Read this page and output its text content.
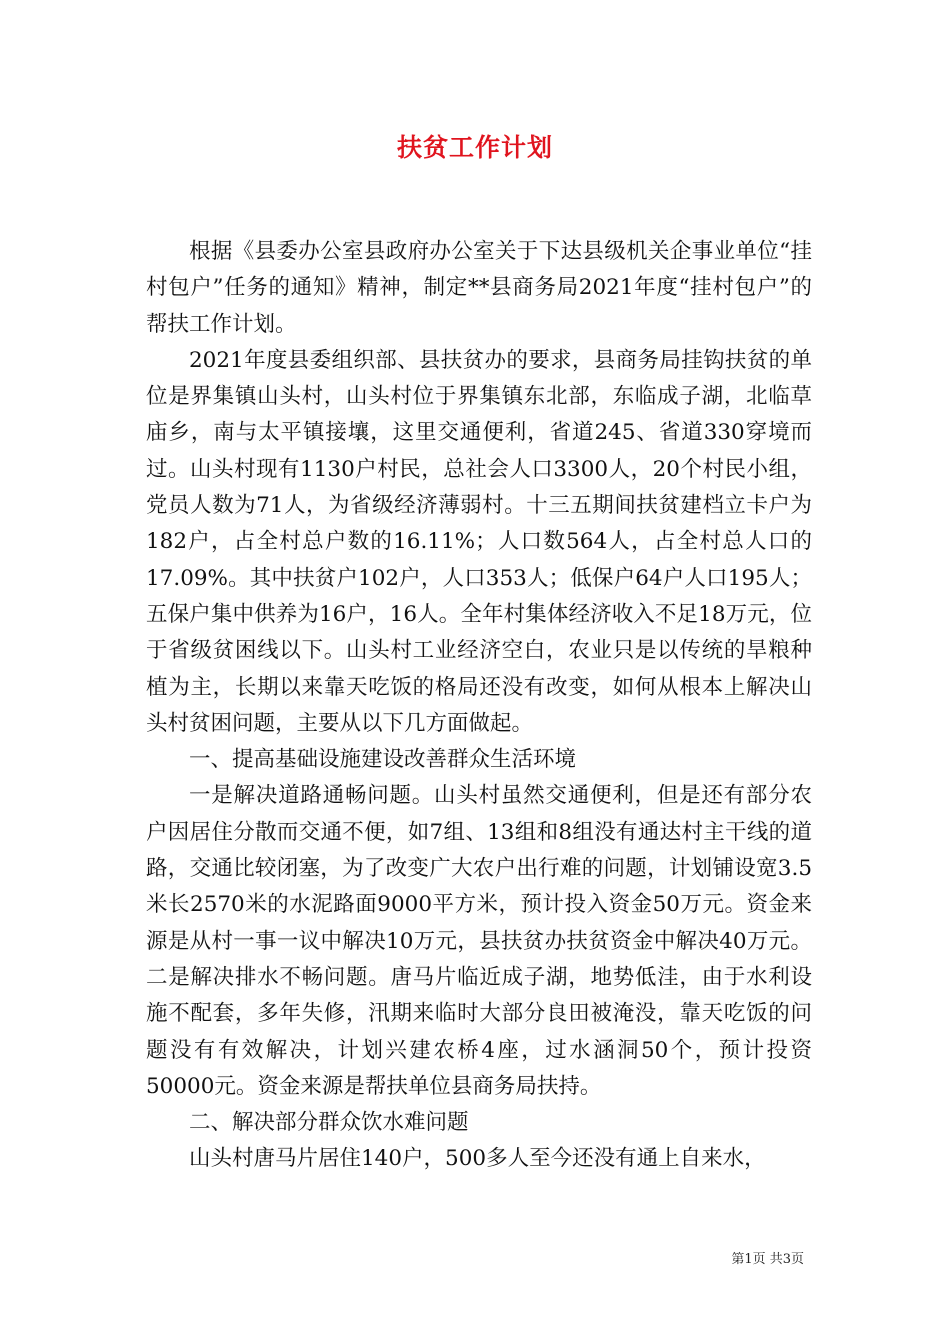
扶贫工作计划

根据《县委办公室县政府办公室关于下达县级机关企事业单位“挂村包户”任务的通知》精神，制定**县商务局2021年度“挂村包户”的帮扶工作计划。

2021年度县委组织部、县扶贫办的要求，县商务局挂钩扶贫的单位是界集镇山头村，山头村位于界集镇东北部，东临成子湖，北临草庙乡，南与太平镇接壤，这里交通便利，省道245、省道330穿境而过。山头村现有1130户村民，总社会人口3300人，20个村民小组，党员人数为71人，为省级经济薄弱村。十三五期间扶贫建档立卡户为182户，占全村总户数的16.11%；人口数564人，占全村总人口的17.09%。其中扶贫户102户，人口353人；低保户64户人口195人；五保户集中供养为16户，16人。全年村集体经济收入不足18万元，位于省级贫困线以下。山头村工业经济空白，农业只是以传统的旱粮种植为主，长期以来靠天吃饭的格局还没有改变，如何从根本上解决山头村贫困问题，主要从以下几方面做起。

一、提高基础设施建设改善群众生活环境

一是解决道路通畅问题。山头村虽然交通便利，但是还有部分农户因居住分散而交通不便，如7组、13组和8组没有通达村主干线的道路，交通比较闭塞，为了改变广大农户出行难的问题，计划铺设宽3.5米长2570米的水泥路面9000平方米，预计投入资金50万元。资金来源是从村一事一议中解决10万元，县扶贫办扶贫资金中解决40万元。二是解决排水不畅问题。唐马片临近成子湖，地势低洼，由于水利设施不配套，多年失修，汛期来临时大部分良田被淹没，靠天吃饭的问题没有有效解决，计划兴建农桥4座，过水涵洞50个，预计投资50000元。资金来源是帮扶单位县商务局扶持。

二、解决部分群众饮水难问题

山头村唐马片居住140户，500多人至今还没有通上自来水，

第1页 共3页
